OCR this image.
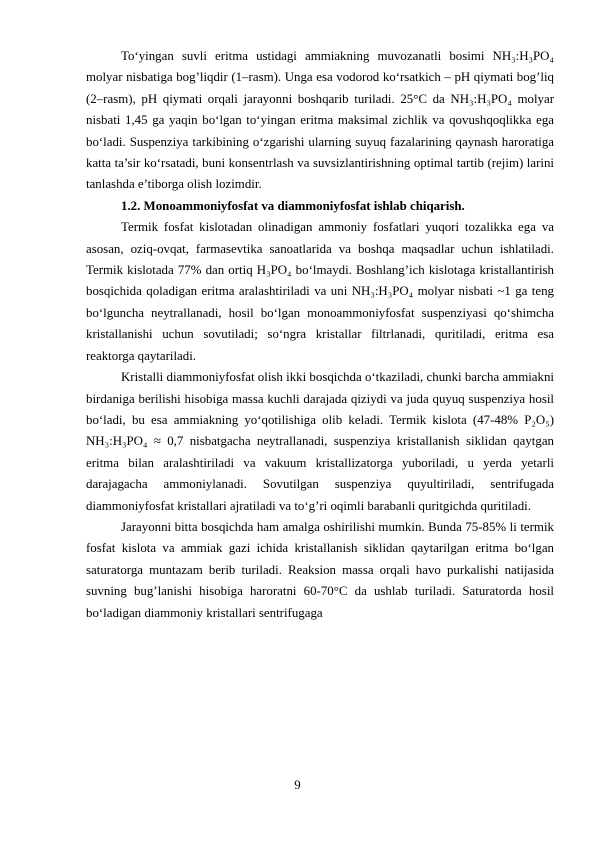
To‘yingan suvli eritma ustidagi ammiakning muvozanatli bosimi NH₃:H₃PO₄ molyar nisbatiga bog’liqdir (1–rasm). Unga esa vodorod ko‘rsatkich – pH qiymati bog’liq (2–rasm), pH qiymati orqali jarayonni boshqarib turiladi. 25°C da NH₃:H₃PO₄ molyar nisbati 1,45 ga yaqin bo‘lgan to‘yingan eritma maksimal zichlik va qovushqoqlikka ega bo‘ladi. Suspenziya tarkibining o‘zgarishi ularning suyuq fazalarining qaynash haroratiga katta ta’sir ko‘rsatadi, buni konsentrlash va suvsizlantirishning optimal tartib (rejim) larini tanlashda e’tiborga olish lozimdir.

1.2. Monoammoniyfosfat va diammoniyfosfat ishlab chiqarish.

Termik fosfat kislotadan olinadigan ammoniy fosfatlari yuqori tozalikka ega va asosan, oziq-ovqat, farmasevtika sanoatlarida va boshqa maqsadlar uchun ishlatiladi. Termik kislotada 77% dan ortiq H₃PO₄ bo‘lmaydi. Boshlang’ich kislotaga kristallantirish bosqichida qoladigan eritma aralashtiriladi va uni NH₃:H₃PO₄ molyar nisbati ~1 ga teng bo‘lguncha neytrallanadi, hosil bo‘lgan monoammoniyfosfat suspenziyasi qo‘shimcha kristallanishi uchun sovutiladi; so‘ngra kristallar filtrlanadi, quritiladi, eritma esa reaktorga qaytariladi.

Kristalli diammoniyfosfat olish ikki bosqichda o‘tkaziladi, chunki barcha ammiakni birdaniga berilishi hisobiga massa kuchli darajada qiziydi va juda quyuq suspenziya hosil bo‘ladi, bu esa ammiakning yo‘qotilishiga olib keladi. Termik kislota (47-48% P₂O₅) NH₃:H₃PO₄ ≈ 0,7 nisbatgacha neytrallanadi, suspenziya kristallanish siklidan qaytgan eritma bilan aralashtiriladi va vakuum kristallizatorga yuboriladi, u yerda yetarli darajagacha ammoniylanadi. Sovutilgan suspenziya quyultiriladi, sentrifugada diammoniyfosfat kristallari ajratiladi va to‘g’ri oqimli barabanli quritgichda quritiladi.

Jarayonni bitta bosqichda ham amalga oshirilishi mumkin. Bunda 75-85% li termik fosfat kislota va ammiak gazi ichida kristallanish siklidan qaytarilgan eritma bo‘lgan saturatorga muntazam berib turiladi. Reaksion massa orqali havo purkalishi natijasida suvning bug’lanishi hisobiga haroratni 60-70°C da ushlab turiladi. Saturatorda hosil bo‘ladigan diammoniy kristallari sentrifugaga

9
